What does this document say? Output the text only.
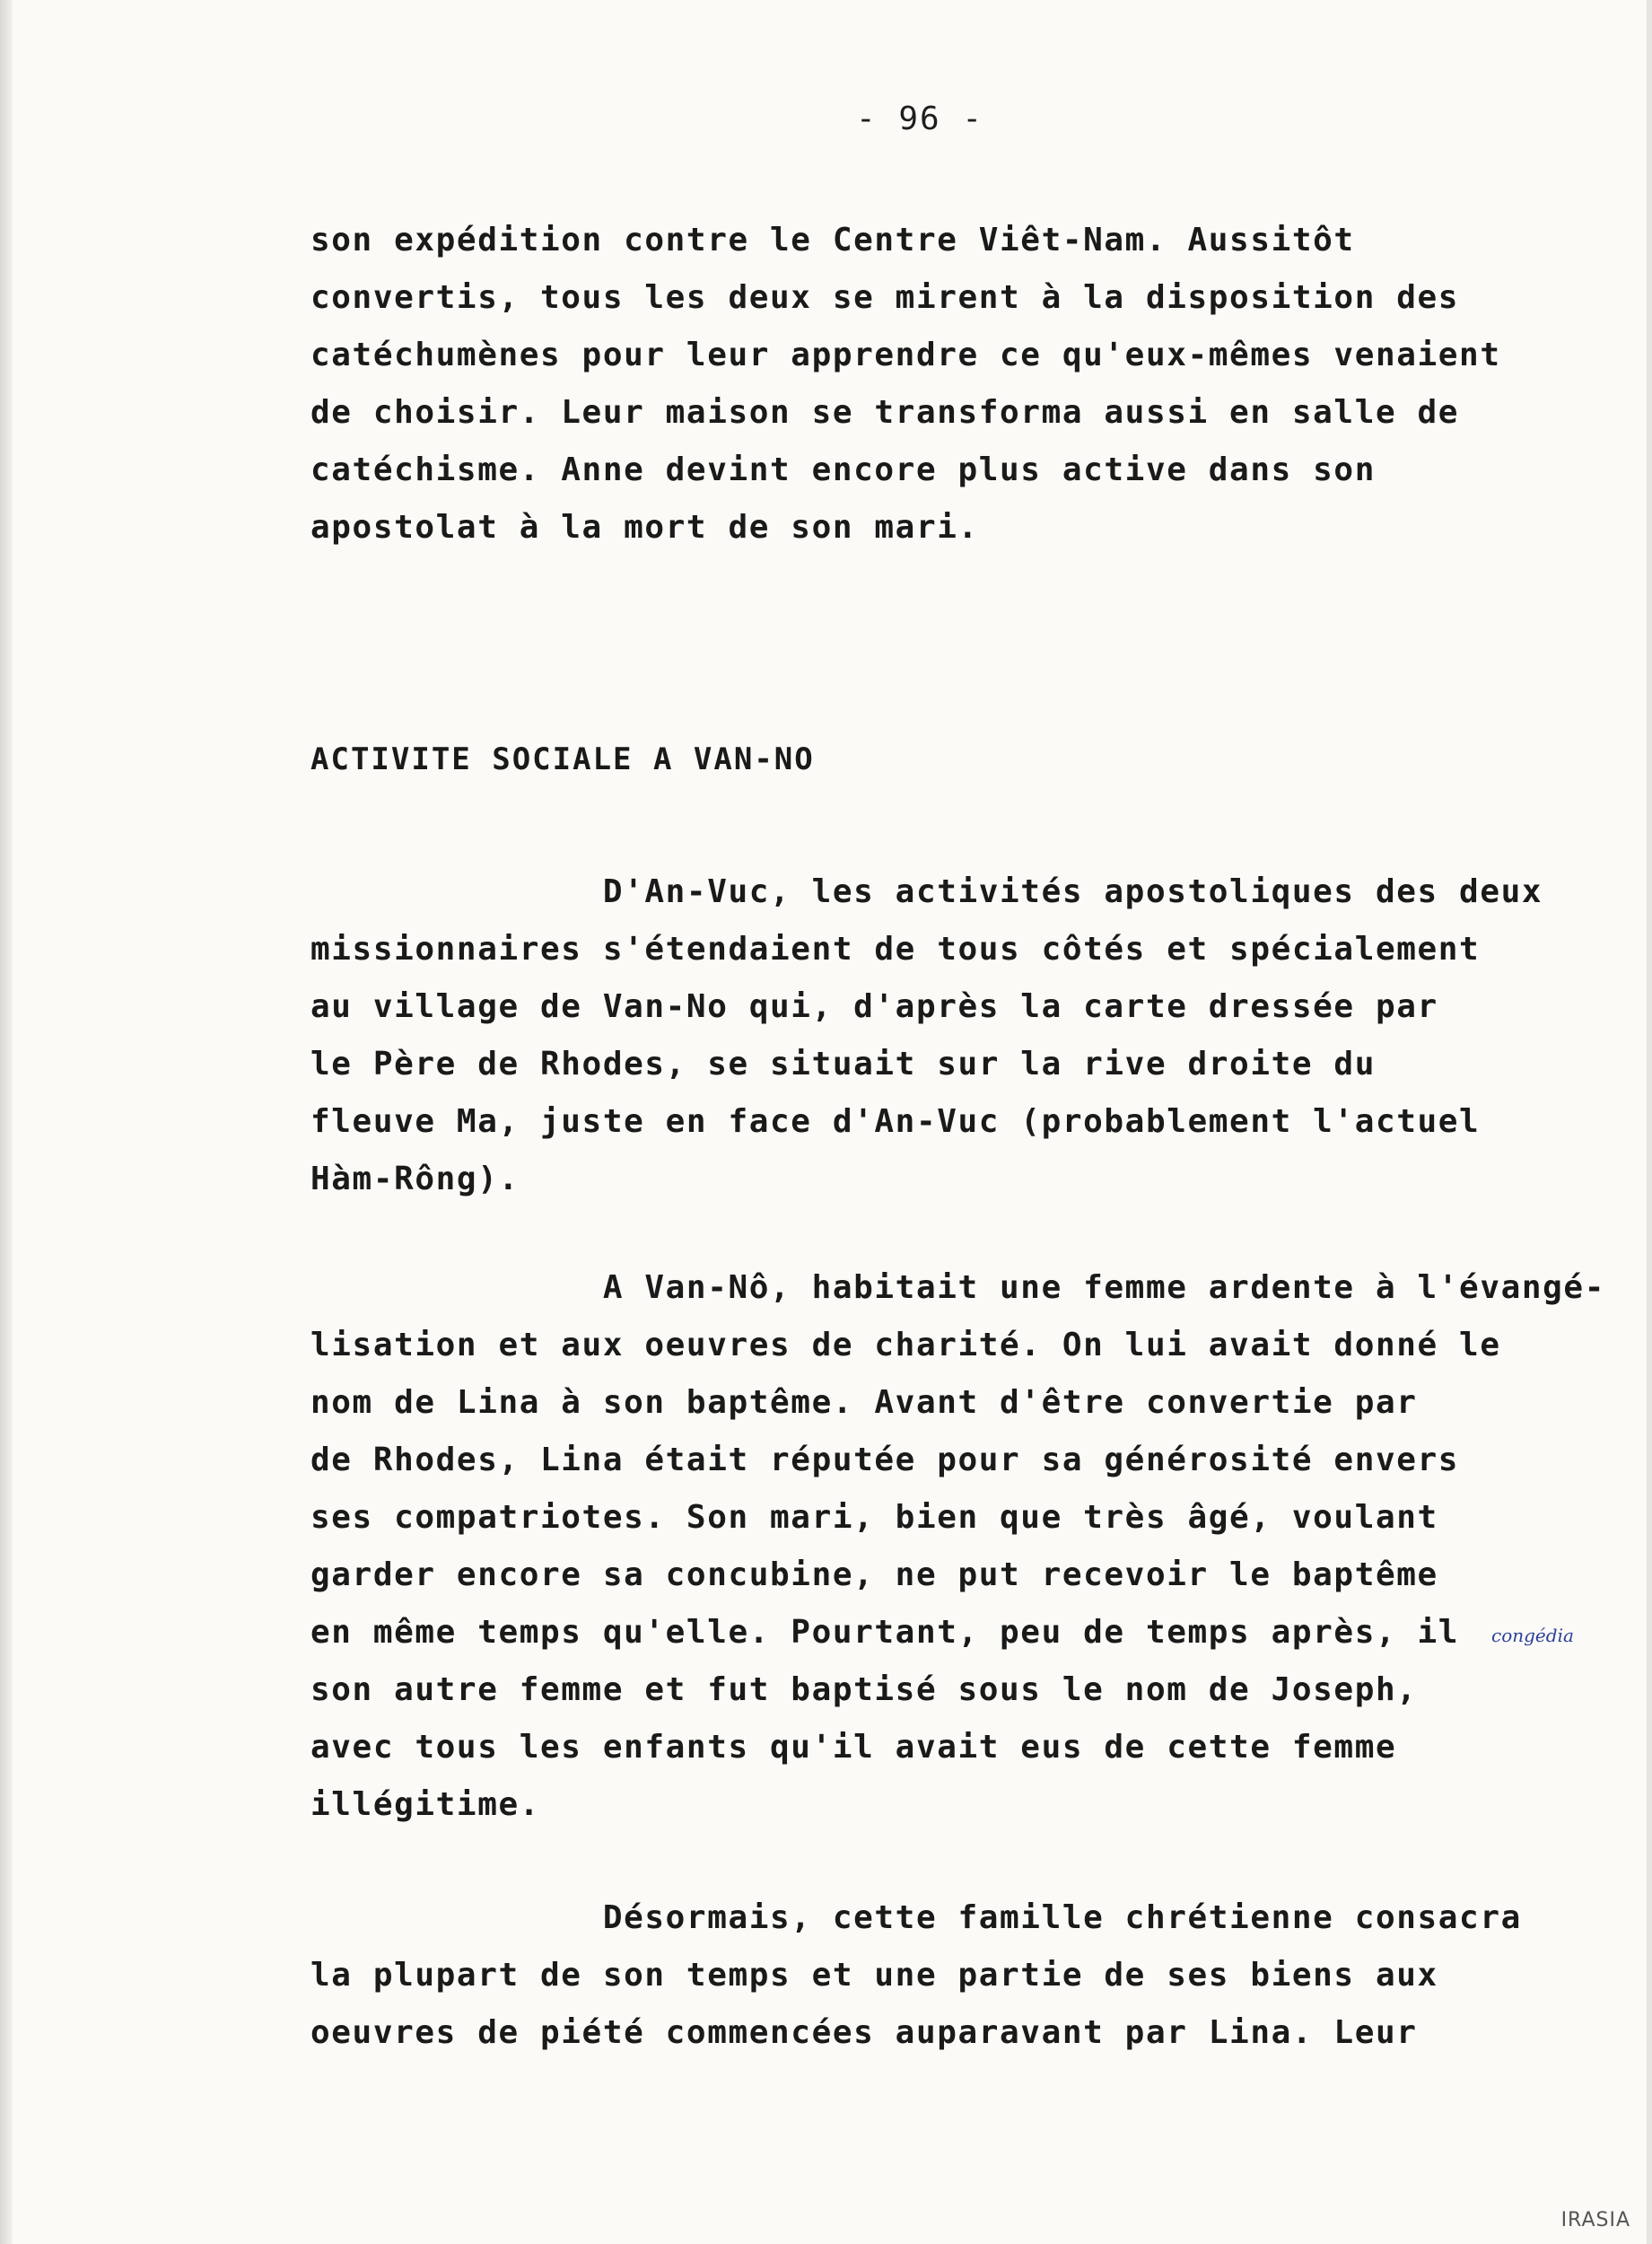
- 96 -

son expédition contre le Centre Viêt-Nam. Aussitôt
convertis, tous les deux se mirent à la disposition des
catéchumènes pour leur apprendre ce qu'eux-mêmes venaient
de choisir. Leur maison se transforma aussi en salle de
catéchisme. Anne devint encore plus active dans son
apostolat à la mort de son mari.

ACTIVITE SOCIALE A VAN-NO

D'An-Vuc, les activités apostoliques des deux
missionnaires s'étendaient de tous côtés et spécialement
au village de Van-No qui, d'après la carte dressée par
le Père de Rhodes, se situait sur la rive droite du
fleuve Ma, juste en face d'An-Vuc (probablement l'actuel
Hàm-Rông).

A Van-Nô, habitait une femme ardente à l'évangé-
lisation et aux oeuvres de charité. On lui avait donné le
nom de Lina à son baptême. Avant d'être convertie par
de Rhodes, Lina était réputée pour sa générosité envers
ses compatriotes. Son mari, bien que très âgé, voulant
garder encore sa concubine, ne put recevoir le baptême
en même temps qu'elle. Pourtant, peu de temps après, il
son autre femme et fut baptisé sous le nom de Joseph,
avec tous les enfants qu'il avait eus de cette femme
illégitime.

congédia

Désormais, cette famille chrétienne consacra
la plupart de son temps et une partie de ses biens aux
oeuvres de piété commencées auparavant par Lina. Leur

IRASIA
